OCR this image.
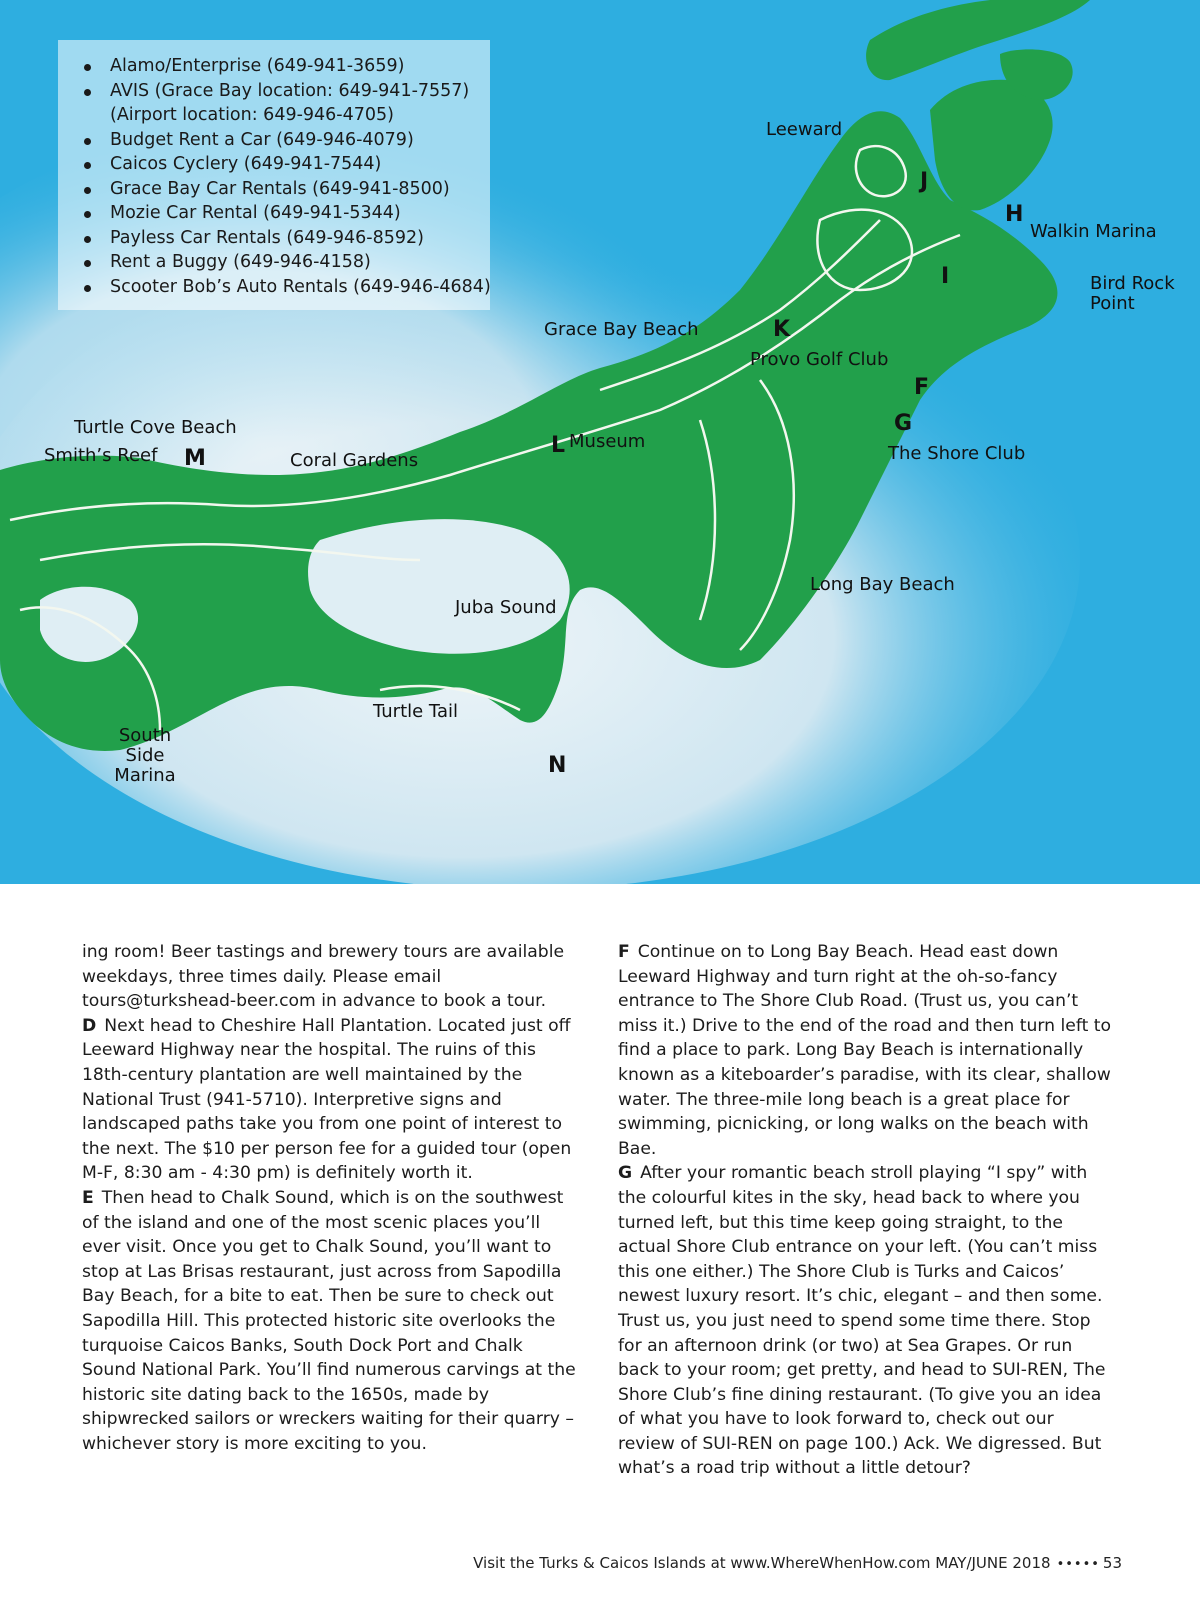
Alamo/Enterprise (649-941-3659)
AVIS (Grace Bay location: 649-941-7557)
(Airport location: 649-946-4705)
Budget Rent a Car (649-946-4079)
Caicos Cyclery (649-941-7544)
Grace Bay Car Rentals (649-941-8500)
Mozie Car Rental (649-941-5344)
Payless Car Rentals (649-946-8592)
Rent a Buggy (649-946-4158)
Scooter Bob’s Auto Rentals (649-946-4684)
Leeward
Walkin Marina
Bird Rock
Point
Grace Bay Beach
Provo Golf Club
Turtle Cove Beach
Smith’s Reef	Coral Gardens
Museum
The Shore Club
Long Bay Beach
Juba Sound
Turtle Tail
South
Side
Marina
J
H
I
K
F
G
L
M
N

ing room! Beer tastings and brewery tours are available weekdays, three times daily. Please email tours@turkshead-beer.com in advance to book a tour.

D Next head to Cheshire Hall Plantation. Located just off Leeward Highway near the hospital. The ruins of this 18th-century plantation are well maintained by the National Trust (941-5710). Interpretive signs and landscaped paths take you from one point of interest to the next. The $10 per person fee for a guided tour (open M-F, 8:30 am - 4:30 pm) is definitely worth it.

E Then head to Chalk Sound, which is on the southwest of the island and one of the most scenic places you’ll ever visit. Once you get to Chalk Sound, you’ll want to stop at Las Brisas restaurant, just across from Sapodilla Bay Beach, for a bite to eat. Then be sure to check out Sapodilla Hill. This protected historic site overlooks the turquoise Caicos Banks, South Dock Port and Chalk Sound National Park. You’ll find numerous carvings at the historic site dating back to the 1650s, made by shipwrecked sailors or wreckers waiting for their quarry – whichever story is more exciting to you.

F Continue on to Long Bay Beach. Head east down Leeward Highway and turn right at the oh-so-fancy entrance to The Shore Club Road. (Trust us, you can’t miss it.) Drive to the end of the road and then turn left to find a place to park. Long Bay Beach is internationally known as a kiteboarder’s paradise, with its clear, shallow water. The three-mile long beach is a great place for swimming, picnicking, or long walks on the beach with Bae.

G After your romantic beach stroll playing “I spy” with the colourful kites in the sky, head back to where you turned left, but this time keep going straight, to the actual Shore Club entrance on your left. (You can’t miss this one either.) The Shore Club is Turks and Caicos’ newest luxury resort. It’s chic, elegant – and then some. Trust us, you just need to spend some time there. Stop for an afternoon drink (or two) at Sea Grapes. Or run back to your room; get pretty, and head to SUI-REN, The Shore Club’s fine dining restaurant. (To give you an idea of what you have to look forward to, check out our review of SUI-REN on page 100.) Ack. We digressed. But what’s a road trip without a little detour?

Visit the Turks & Caicos Islands at www.WhereWhenHow.com MAY/JUNE 2018 ••••• 53
